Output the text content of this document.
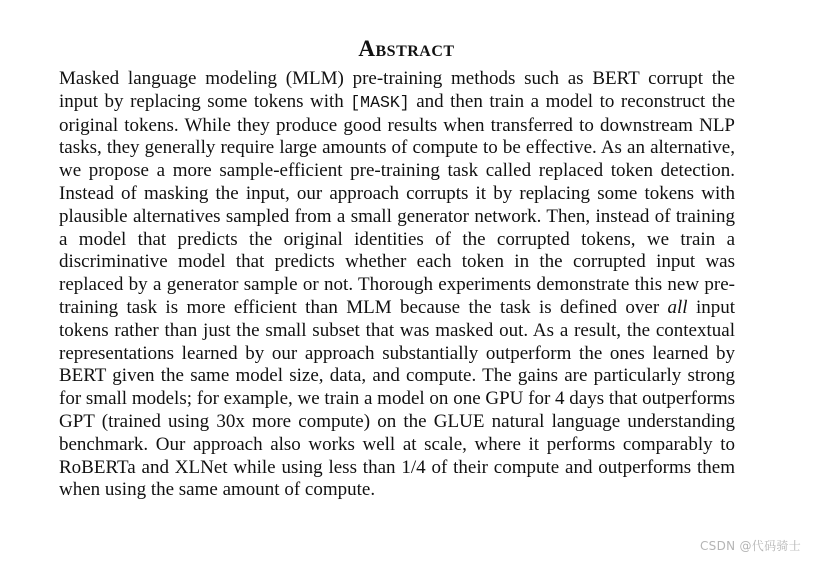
Abstract

Masked language modeling (MLM) pre-training methods such as BERT corrupt the input by replacing some tokens with [MASK] and then train a model to reconstruct the original tokens. While they produce good results when transferred to downstream NLP tasks, they generally require large amounts of compute to be effective. As an alternative, we propose a more sample-efficient pre-training task called replaced token detection. Instead of masking the input, our approach corrupts it by replacing some tokens with plausible alternatives sampled from a small generator network. Then, instead of training a model that predicts the original identities of the corrupted tokens, we train a discriminative model that predicts whether each token in the corrupted input was replaced by a generator sample or not. Thorough experiments demonstrate this new pre-training task is more efficient than MLM because the task is defined over all input tokens rather than just the small subset that was masked out. As a result, the contextual representations learned by our approach substantially outperform the ones learned by BERT given the same model size, data, and compute. The gains are particularly strong for small models; for example, we train a model on one GPU for 4 days that outperforms GPT (trained using 30x more compute) on the GLUE natural language understanding benchmark. Our approach also works well at scale, where it performs comparably to RoBERTa and XLNet while using less than 1/4 of their compute and outperforms them when using the same amount of compute.

CSDN @代码骑士
